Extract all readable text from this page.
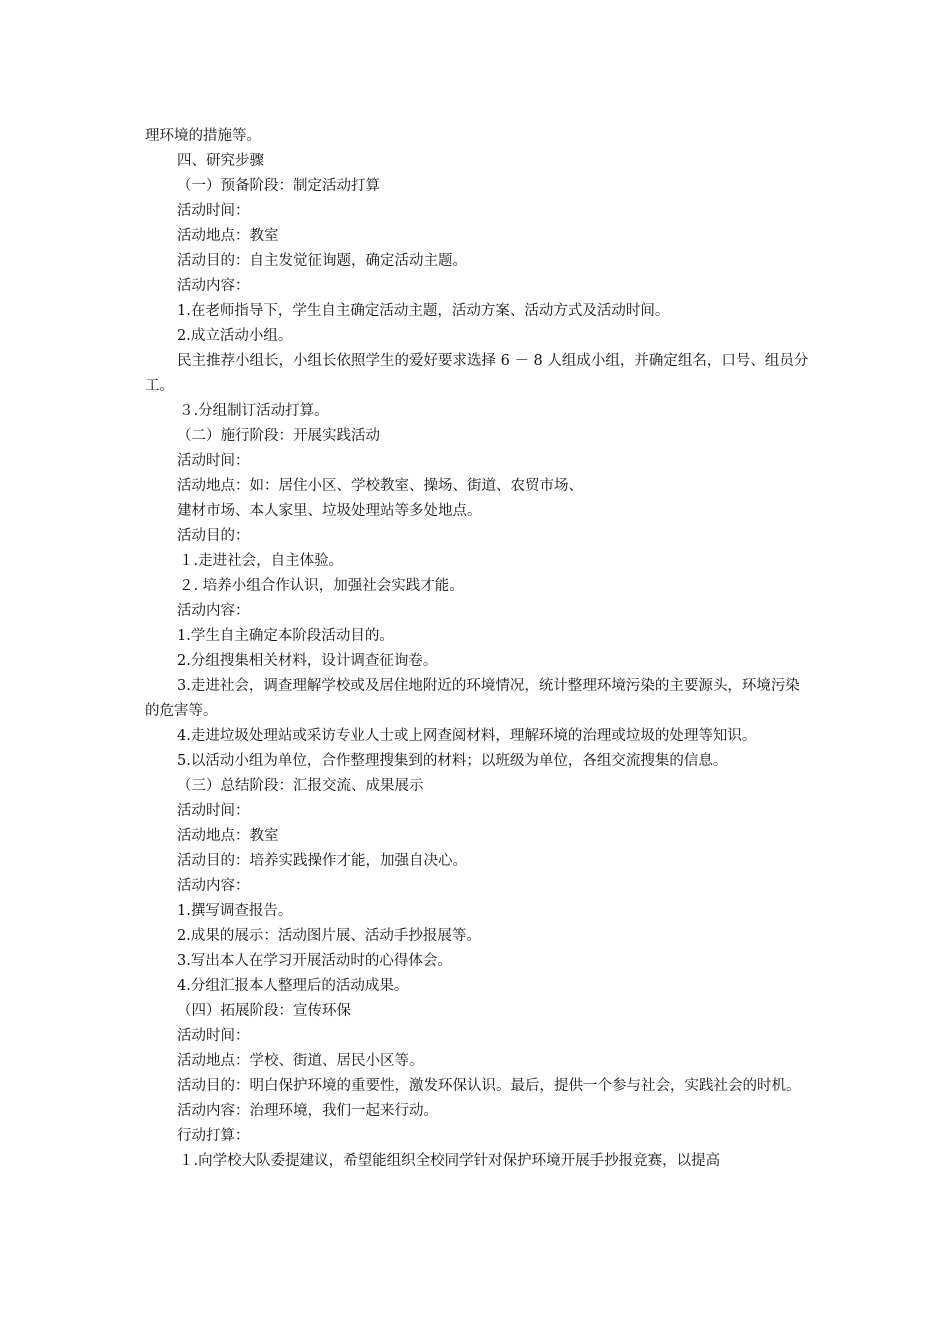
理环境的措施等。

四、研究步骤

（一）预备阶段：制定活动打算

活动时间：

活动地点：教室

活动目的：自主发觉征询题，确定活动主题。

活动内容：

1.在老师指导下，学生自主确定活动主题，活动方案、活动方式及活动时间。

2.成立活动小组。

民主推荐小组长，小组长依照学生的爱好要求选择 6 － 8 人组成小组，并确定组名，口号、组员分工。

３.分组制订活动打算。

（二）施行阶段：开展实践活动

活动时间：

活动地点：如：居住小区、学校教室、操场、街道、农贸市场、

建材市场、本人家里、垃圾处理站等多处地点。

活动目的：

１.走进社会，自主体验。

２. 培养小组合作认识，加强社会实践才能。

活动内容：

1.学生自主确定本阶段活动目的。

2.分组搜集相关材料，设计调查征询卷。

3.走进社会，调查理解学校或及居住地附近的环境情况，统计整理环境污染的主要源头，环境污染的危害等。

4.走进垃圾处理站或采访专业人士或上网查阅材料，理解环境的治理或垃圾的处理等知识。

5.以活动小组为单位，合作整理搜集到的材料；以班级为单位，各组交流搜集的信息。

（三）总结阶段：汇报交流、成果展示

活动时间：

活动地点：教室

活动目的：培养实践操作才能，加强自决心。

活动内容：

1.撰写调查报告。

2.成果的展示：活动图片展、活动手抄报展等。

3.写出本人在学习开展活动时的心得体会。

4.分组汇报本人整理后的活动成果。

（四）拓展阶段：宣传环保

活动时间：

活动地点：学校、街道、居民小区等。

活动目的：明白保护环境的重要性，激发环保认识。最后，提供一个参与社会，实践社会的时机。

活动内容：治理环境，我们一起来行动。

行动打算：

１.向学校大队委提建议，希望能组织全校同学针对保护环境开展手抄报竞赛，以提高
